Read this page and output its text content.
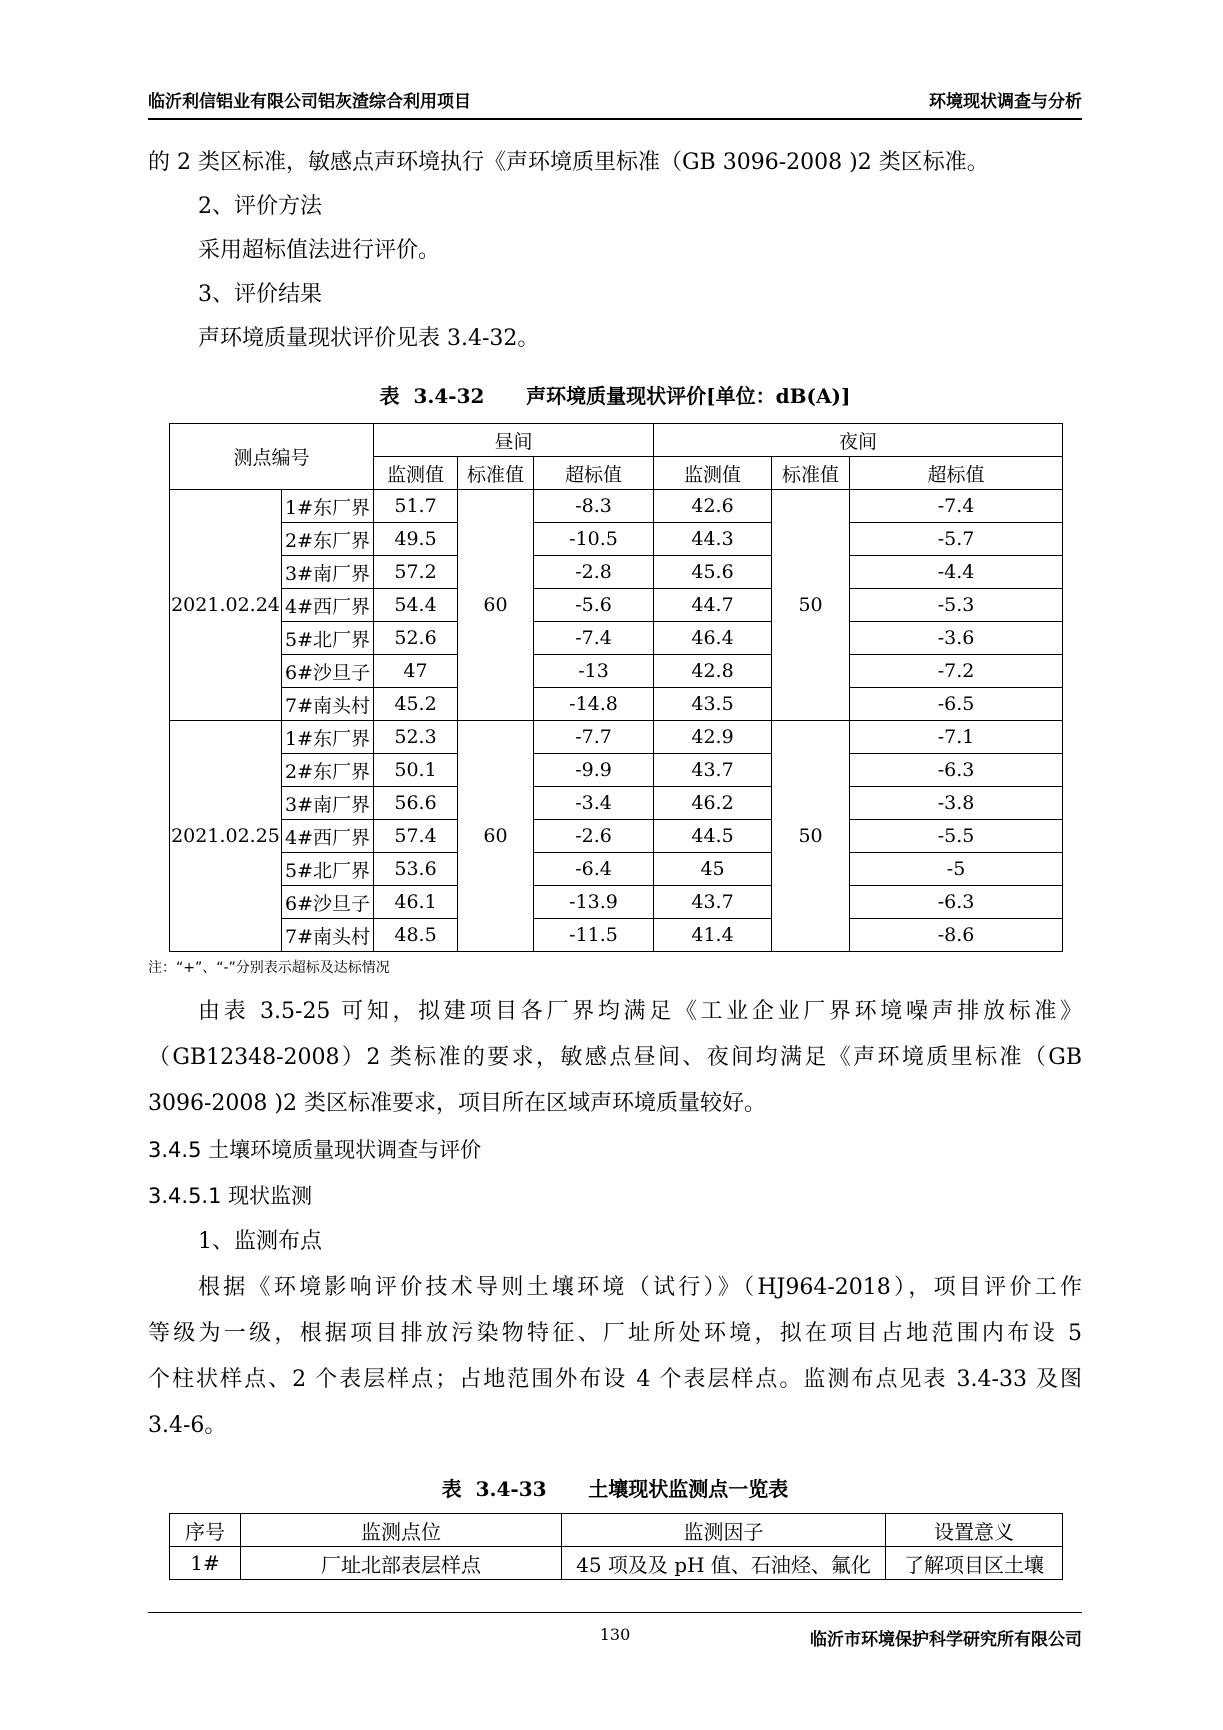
临沂利信铝业有限公司铝灰渣综合利用项目	环境现状调查与分析
的 2 类区标准，敏感点声环境执行《声环境质里标准（GB 3096-2008 )2 类区标准。
2、评价方法
采用超标值法进行评价。
3、评价结果
声环境质量现状评价见表 3.4-32。
表  3.4-32      声环境质量现状评价[单位：dB(A)]
测点编号		昼间			夜间		
		监测值	标准值	超标值	监测值	标准值	超标值
2021.02.24	1#东厂界	51.7	60	-8.3	42.6	50	-7.4
	2#东厂界	49.5		-10.5	44.3		-5.7
	3#南厂界	57.2		-2.8	45.6		-4.4
	4#西厂界	54.4		-5.6	44.7		-5.3
	5#北厂界	52.6		-7.4	46.4		-3.6
	6#沙旦子	47		-13	42.8		-7.2
	7#南头村	45.2		-14.8	43.5		-6.5
2021.02.25	1#东厂界	52.3	60	-7.7	42.9	50	-7.1
	2#东厂界	50.1		-9.9	43.7		-6.3
	3#南厂界	56.6		-3.4	46.2		-3.8
	4#西厂界	57.4		-2.6	44.5		-5.5
	5#北厂界	53.6		-6.4	45		-5
	6#沙旦子	46.1		-13.9	43.7		-6.3
	7#南头村	48.5		-11.5	41.4		-8.6
注：“+”、“-”分别表示超标及达标情况
由表 3.5-25 可知，拟建项目各厂界均满足《工业企业厂界环境噪声排放标准》
（GB12348-2008）2 类标准的要求，敏感点昼间、夜间均满足《声环境质里标准（GB
3096-2008 )2 类区标准要求，项目所在区域声环境质量较好。
3.4.5 土壤环境质量现状调查与评价
3.4.5.1 现状监测
1、监测布点
根据《环境影响评价技术导则土壤环境（试行）》（HJ964-2018），项目评价工作
等级为一级，根据项目排放污染物特征、厂址所处环境，拟在项目占地范围内布设 5
个柱状样点、2 个表层样点；占地范围外布设 4 个表层样点。监测布点见表 3.4-33 及图
3.4-6。
表  3.4-33      土壤现状监测点一览表
序号	监测点位	监测因子	设置意义
1#	厂址北部表层样点	45 项及及 pH 值、石油烃、氟化	了解项目区土壤
130	临沂市环境保护科学研究所有限公司
